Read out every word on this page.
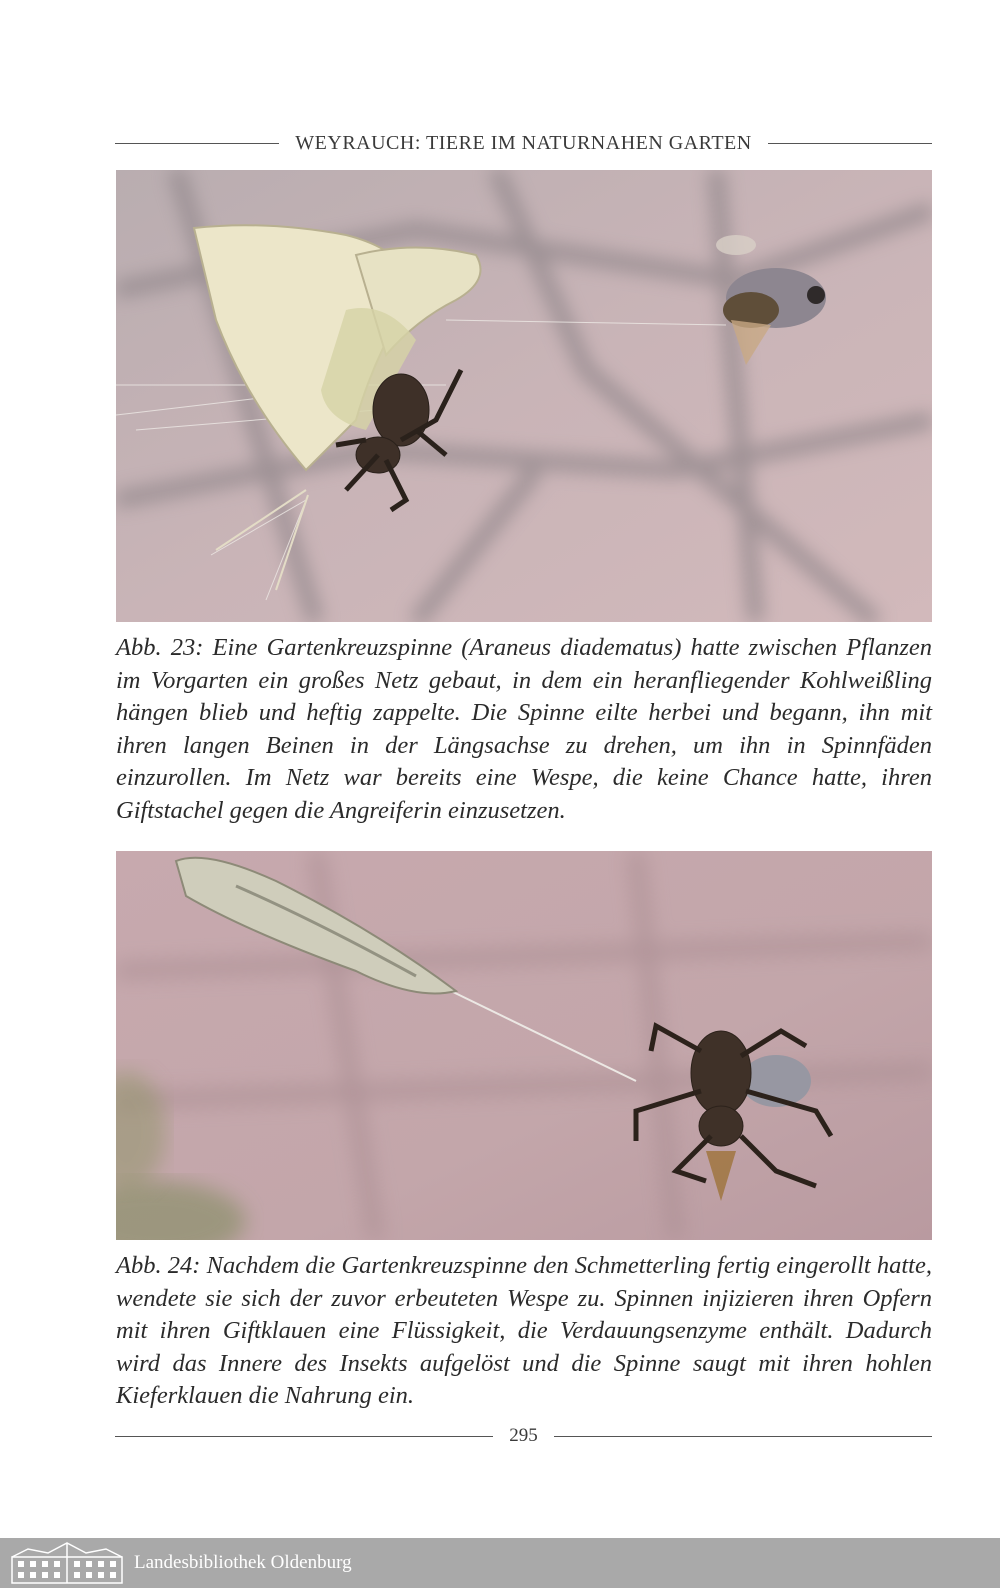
WEYRAUCH: TIERE IM NATURNAHEN GARTEN

Abb. 23: Eine Gartenkreuzspinne (Araneus diadematus) hatte zwischen Pflanzen im Vorgarten ein großes Netz gebaut, in dem ein heranfliegender Kohlweißling hängen blieb und heftig zappelte. Die Spinne eilte herbei und begann, ihn mit ihren langen Beinen in der Längsachse zu drehen, um ihn in Spinnfäden einzurollen. Im Netz war bereits eine Wespe, die keine Chance hatte, ihren Giftstachel gegen die Angreiferin einzusetzen.

Abb. 24: Nachdem die Gartenkreuzspinne den Schmetterling fertig eingerollt hatte, wendete sie sich der zuvor erbeuteten Wespe zu. Spinnen injizieren ihren Opfern mit ihren Giftklauen eine Flüssigkeit, die Verdauungsenzyme enthält. Dadurch wird das Innere des Insekts aufgelöst und die Spinne saugt mit ihren hohlen Kieferklauen die Nahrung ein.

295
Landesbibliothek Oldenburg
